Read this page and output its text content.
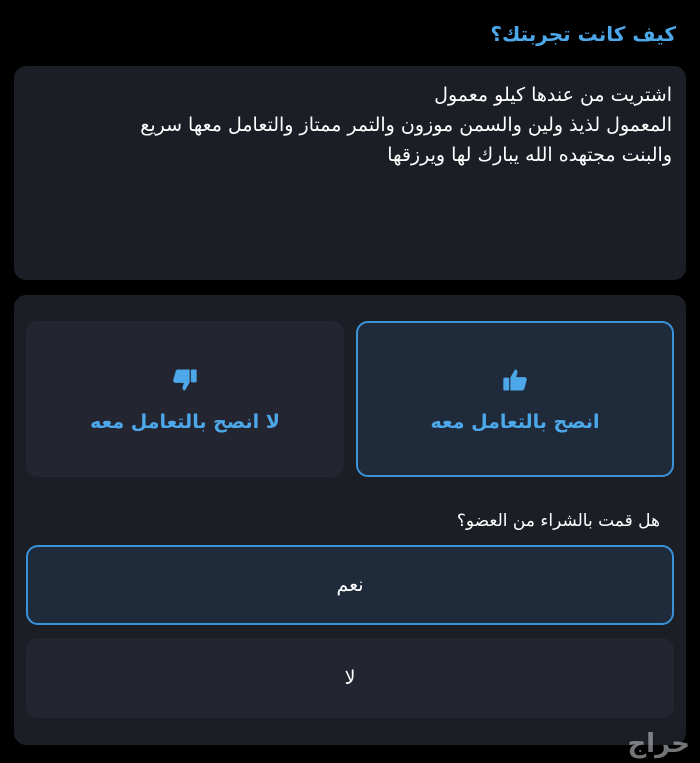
كيف كانت تجربتك؟
اشتريت من عندها كيلو معمول
المعمول لذيذ ولين والسمن موزون والتمر ممتاز والتعامل معها سريع
والبنت مجتهده الله يبارك لها ويرزقها
انصح بالتعامل معه
لا انصح بالتعامل معه
هل قمت بالشراء من العضو؟
نعم
لا
حراج
